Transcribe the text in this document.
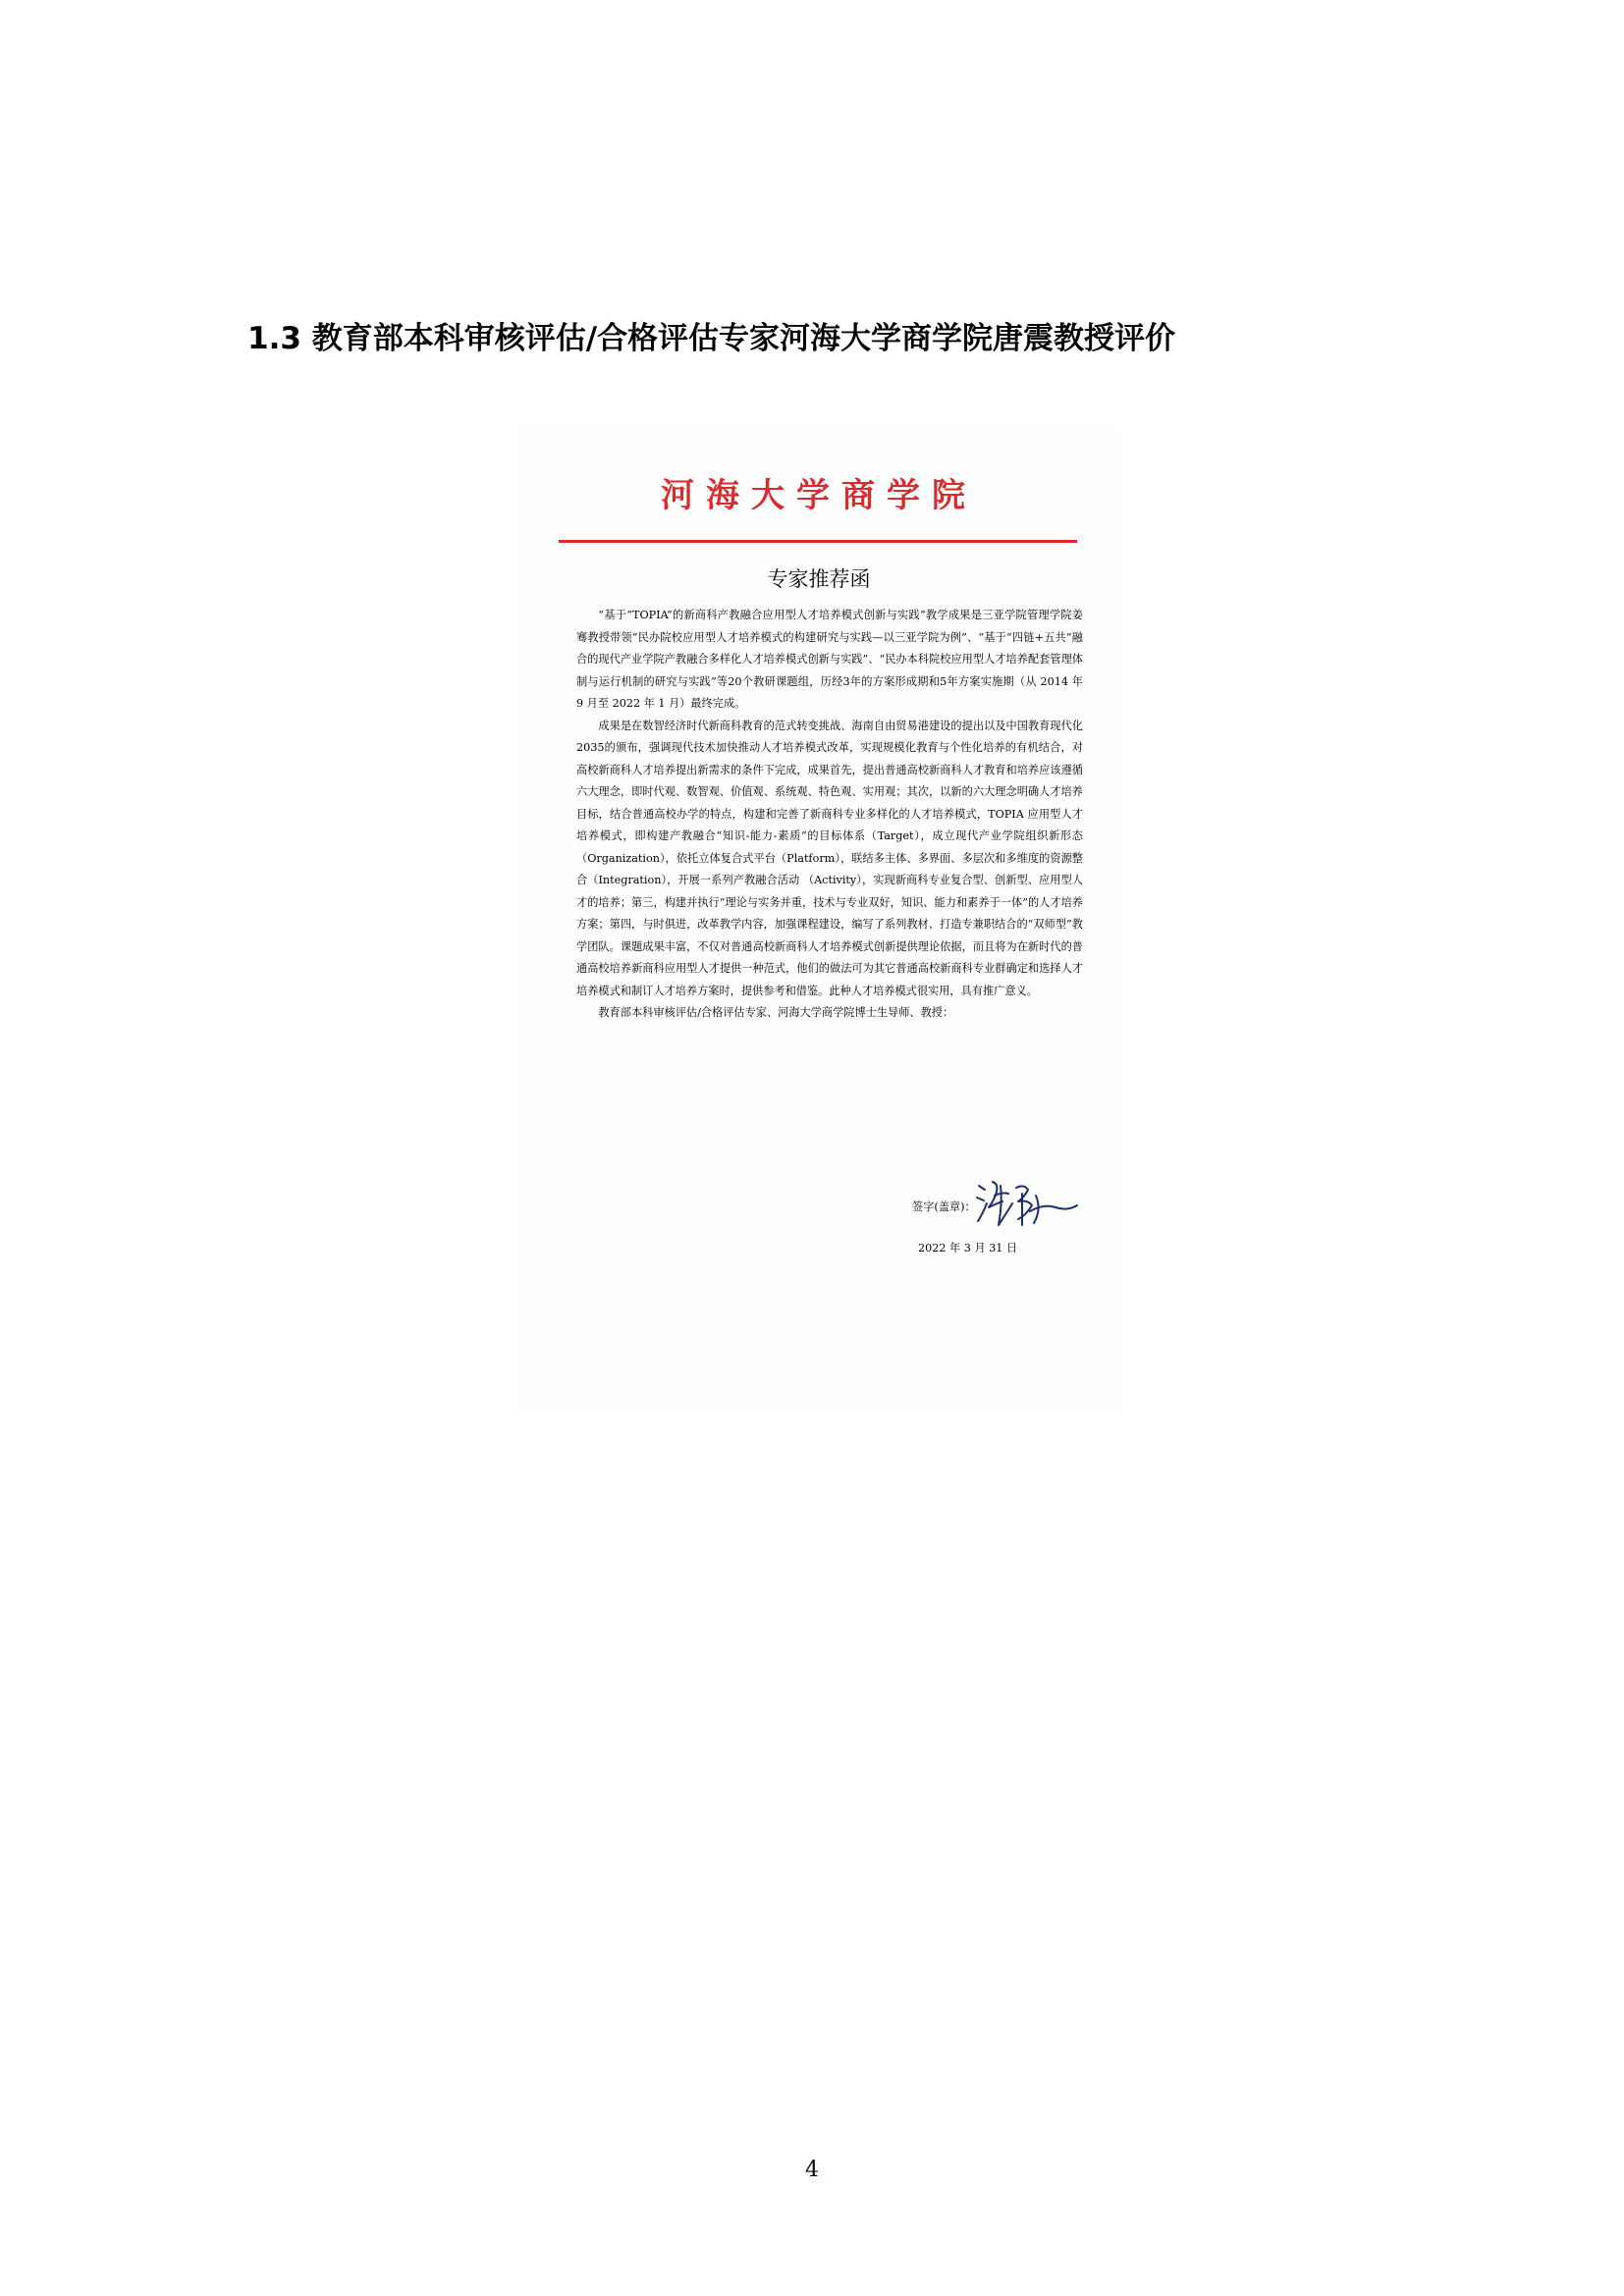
1.3 教育部本科审核评估/合格评估专家河海大学商学院唐震教授评价
河海大学商学院
专家推荐函

“基于“TOPIA”的新商科产教融合应用型人才培养模式创新与实践”教学成果是三亚学院管理学院姜骞教授带领“民办院校应用型人才培养模式的构建研究与实践—以三亚学院为例”、“基于“四链+五共”融合的现代产业学院产教融合多样化人才培养模式创新与实践”、“民办本科院校应用型人才培养配套管理体制与运行机制的研究与实践”等20个教研课题组，历经3年的方案形成期和5年方案实施期（从 2014 年 9 月至 2022 年 1 月）最终完成。

成果是在数智经济时代新商科教育的范式转变挑战、海南自由贸易港建设的提出以及中国教育现代化2035的颁布，强调现代技术加快推动人才培养模式改革，实现规模化教育与个性化培养的有机结合，对高校新商科人才培养提出新需求的条件下完成，成果首先，提出普通高校新商科人才教育和培养应该遵循六大理念，即时代观、数智观、价值观、系统观、特色观、实用观；其次，以新的六大理念明确人才培养目标，结合普通高校办学的特点，构建和完善了新商科专业多样化的人才培养模式，TOPIA 应用型人才培养模式，即构建产教融合“知识-能力-素质”的目标体系（Target），成立现代产业学院组织新形态（Organization），依托立体复合式平台（Platform），联结多主体、多界面、多层次和多维度的资源整合（Integration），开展一系列产教融合活动 （Activity），实现新商科专业复合型、创新型、应用型人才的培养；第三，构建并执行“理论与实务并重，技术与专业双好，知识、能力和素养于一体”的人才培养方案；第四，与时俱进，改革教学内容，加强课程建设，编写了系列教材、打造专兼职结合的“双师型”教学团队。课题成果丰富，不仅对普通高校新商科人才培养模式创新提供理论依据，而且将为在新时代的普通高校培养新商科应用型人才提供一种范式，他们的做法可为其它普通高校新商科专业群确定和选择人才培养模式和制订人才培养方案时，提供参考和借鉴。此种人才培养模式很实用，具有推广意义。

教育部本科审核评估/合格评估专家、河海大学商学院博士生导师、教授：

签字(盖章)：
2022 年 3 月 31 日
4
